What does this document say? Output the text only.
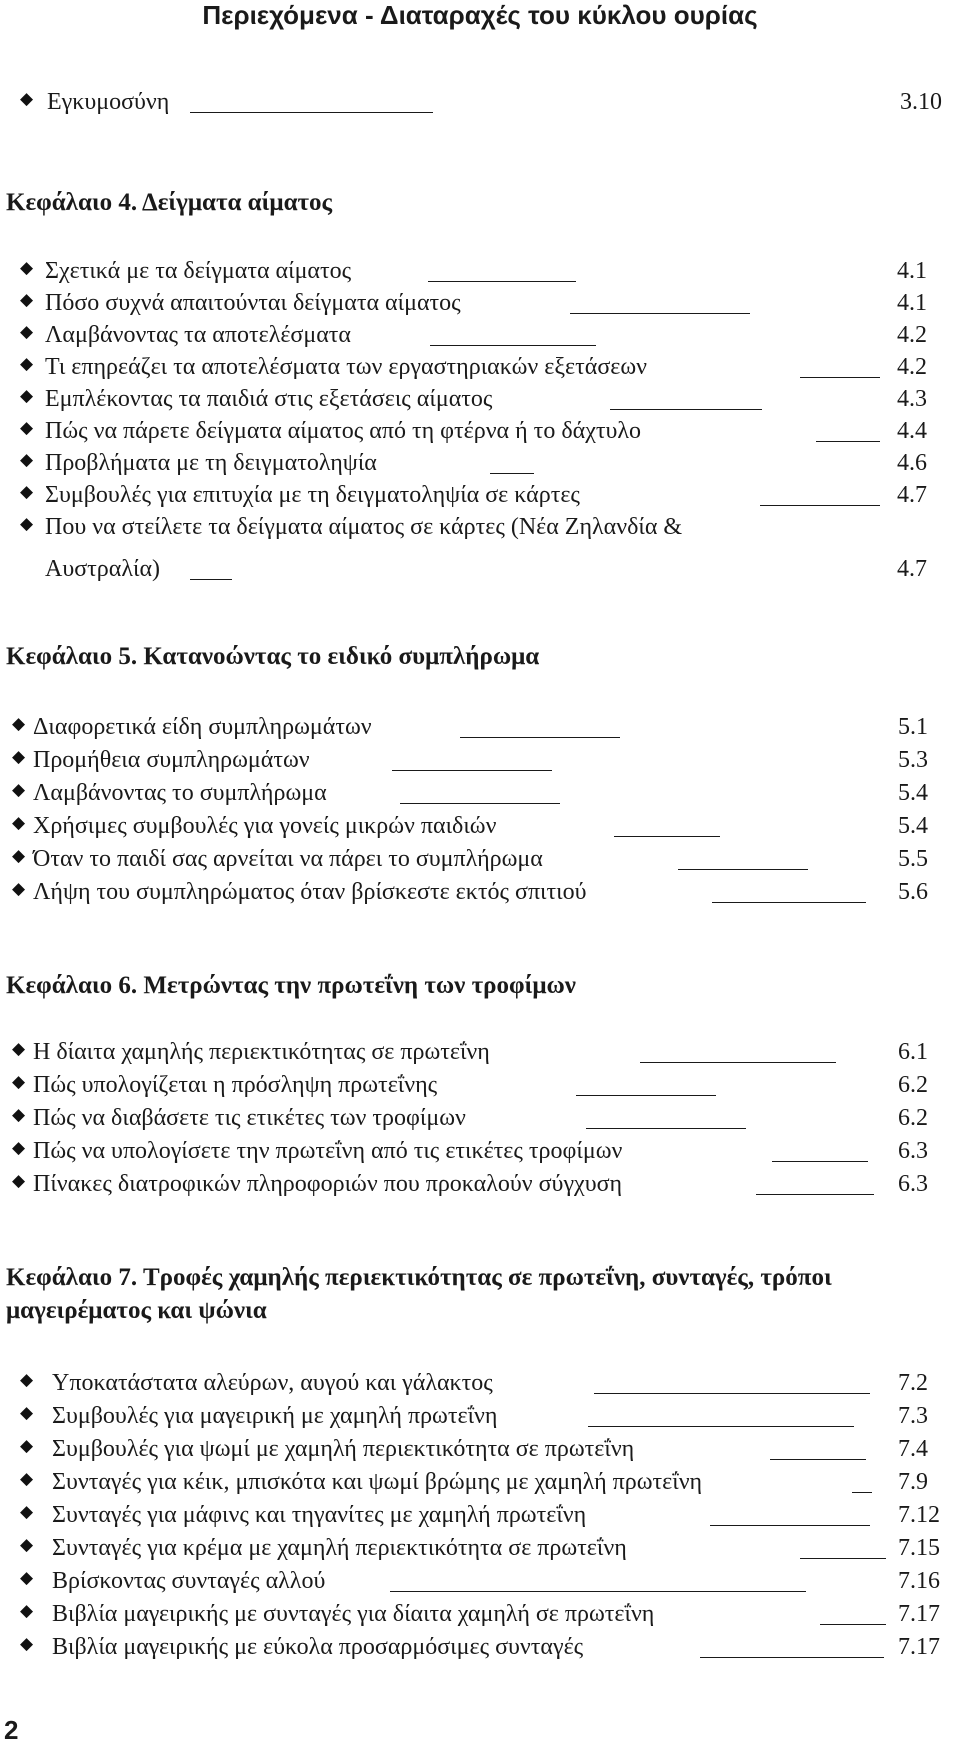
Περιεχόμενα - Διαταραχές του κύκλου ουρίας
◆ Εγκυμοσύνη	3.10
Κεφάλαιο 4. Δείγματα αίματος
◆ Σχετικά με τα δείγματα αίματος	4.1
◆ Πόσο συχνά απαιτούνται δείγματα αίματος	4.1
◆ Λαμβάνοντας τα αποτελέσματα	4.2
◆ Τι επηρεάζει τα αποτελέσματα των εργαστηριακών εξετάσεων	4.2
◆ Εμπλέκοντας τα παιδιά στις εξετάσεις αίματος	4.3
◆ Πώς να πάρετε δείγματα αίματος από τη φτέρνα ή το δάχτυλο	4.4
◆ Προβλήματα με τη δειγματοληψία	4.6
◆ Συμβουλές για επιτυχία με τη δειγματοληψία σε κάρτες	4.7
◆ Που να στείλετε τα δείγματα αίματος σε κάρτες (Νέα Ζηλανδία &
Αυστραλία)	4.7
Κεφάλαιο 5. Κατανοώντας το ειδικό συμπλήρωμα
◆ Διαφορετικά είδη συμπληρωμάτων	5.1
◆ Προμήθεια συμπληρωμάτων	5.3
◆ Λαμβάνοντας το συμπλήρωμα	5.4
◆ Χρήσιμες συμβουλές για γονείς μικρών παιδιών	5.4
◆ Όταν το παιδί σας αρνείται να πάρει το συμπλήρωμα	5.5
◆ Λήψη του συμπληρώματος όταν βρίσκεστε εκτός σπιτιού	5.6
Κεφάλαιο 6. Μετρώντας την πρωτεΐνη των τροφίμων
◆ Η δίαιτα χαμηλής περιεκτικότητας σε πρωτεΐνη	6.1
◆ Πώς υπολογίζεται η πρόσληψη πρωτεΐνης	6.2
◆ Πώς να διαβάσετε τις ετικέτες των τροφίμων	6.2
◆ Πώς να υπολογίσετε την πρωτεΐνη από τις ετικέτες τροφίμων	6.3
◆ Πίνακες διατροφικών πληροφοριών που προκαλούν σύγχυση	6.3
Κεφάλαιο 7. Τροφές χαμηλής περιεκτικότητας σε πρωτεΐνη, συνταγές, τρόποι μαγειρέματος και ψώνια
◆ Υποκατάστατα αλεύρων, αυγού και γάλακτος	7.2
◆ Συμβουλές για μαγειρική με χαμηλή πρωτεΐνη	7.3
◆ Συμβουλές για ψωμί με χαμηλή περιεκτικότητα σε πρωτεΐνη	7.4
◆ Συνταγές για κέικ, μπισκότα και ψωμί βρώμης με χαμηλή πρωτεΐνη	7.9
◆ Συνταγές για μάφινς και τηγανίτες με χαμηλή πρωτεΐνη	7.12
◆ Συνταγές για κρέμα με χαμηλή περιεκτικότητα σε πρωτεΐνη	7.15
◆ Βρίσκοντας συνταγές αλλού	7.16
◆ Βιβλία μαγειρικής με συνταγές για δίαιτα χαμηλή σε πρωτεΐνη	7.17
◆ Βιβλία μαγειρικής με εύκολα προσαρμόσιμες συνταγές	7.17
2
